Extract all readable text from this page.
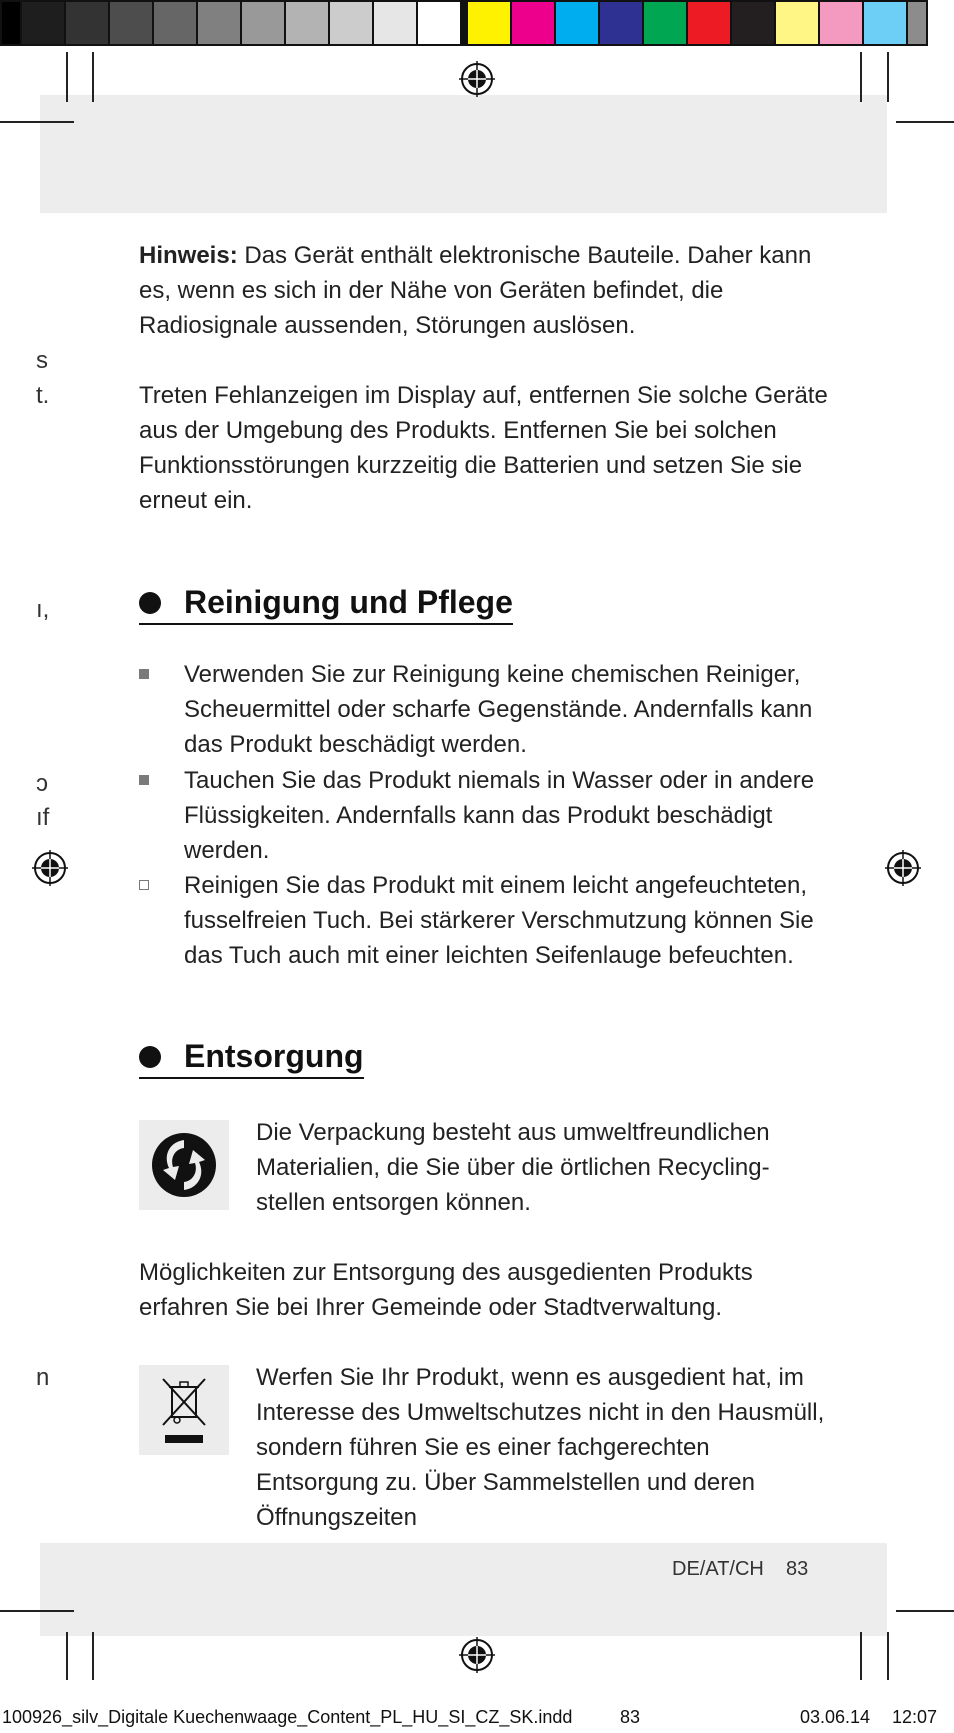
s
t.
ı,
ɔ
ıf
n
Hinweis: Das Gerät enthält elektronische Bauteile. Daher kann es, wenn es sich in der Nähe von Geräten befindet, die Radiosignale aussenden, Störungen auslösen.
Treten Fehlanzeigen im Display auf, entfernen Sie solche Geräte aus der Umgebung des Produkts. Entfernen Sie bei solchen Funktionsstörungen kurzzeitig die Batterien und setzen Sie sie erneut ein.
Reinigung und Pflege
Verwenden Sie zur Reinigung keine chemischen Reiniger, Scheuermittel oder scharfe Gegenstände. Andernfalls kann das Produkt beschädigt werden.
Tauchen Sie das Produkt niemals in Wasser oder in andere Flüssigkeiten. Andernfalls kann das Produkt beschädigt werden.
Reinigen Sie das Produkt mit einem leicht angefeuchteten, fusselfreien Tuch. Bei stärkerer Verschmutzung können Sie das Tuch auch mit einer leichten Seifenlauge befeuchten.
Entsorgung
Die Verpackung besteht aus umweltfreundlichen Materialien, die Sie über die örtlichen Recycling-stellen entsorgen können.
Möglichkeiten zur Entsorgung des ausgedienten Produkts erfahren Sie bei Ihrer Gemeinde oder Stadtverwaltung.
Werfen Sie Ihr Produkt, wenn es ausgedient hat, im Interesse des Umweltschutzes nicht in den Hausmüll, sondern führen Sie es einer fachgerechten Entsorgung zu. Über Sammelstellen und deren Öffnungszeiten
DE/AT/CH 83
100926_silv_Digitale Kuechenwaage_Content_PL_HU_SI_CZ_SK.indd	83	03.06.14 12:07
